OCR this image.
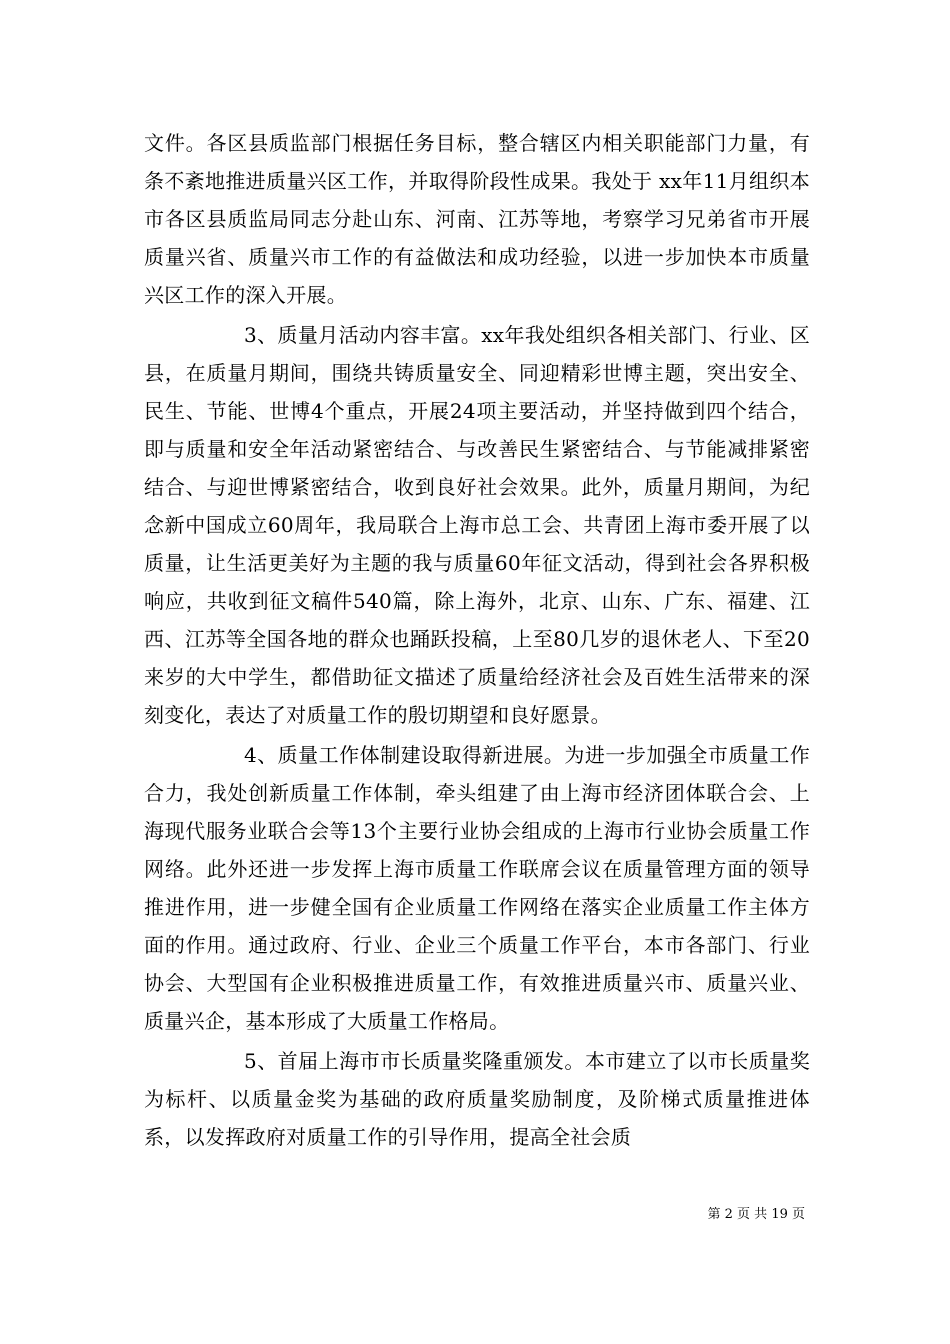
文件。各区县质监部门根据任务目标，整合辖区内相关职能部门力量，有条不紊地推进质量兴区工作，并取得阶段性成果。我处于 xx年11月组织本市各区县质监局同志分赴山东、河南、江苏等地，考察学习兄弟省市开展质量兴省、质量兴市工作的有益做法和成功经验，以进一步加快本市质量兴区工作的深入开展。

3、质量月活动内容丰富。xx年我处组织各相关部门、行业、区县，在质量月期间，围绕共铸质量安全、同迎精彩世博主题，突出安全、民生、节能、世博4个重点，开展24项主要活动，并坚持做到四个结合，即与质量和安全年活动紧密结合、与改善民生紧密结合、与节能减排紧密结合、与迎世博紧密结合，收到良好社会效果。此外，质量月期间，为纪念新中国成立60周年，我局联合上海市总工会、共青团上海市委开展了以质量，让生活更美好为主题的我与质量60年征文活动，得到社会各界积极响应，共收到征文稿件540篇，除上海外，北京、山东、广东、福建、江西、江苏等全国各地的群众也踊跃投稿，上至80几岁的退休老人、下至20来岁的大中学生，都借助征文描述了质量给经济社会及百姓生活带来的深刻变化，表达了对质量工作的殷切期望和良好愿景。

4、质量工作体制建设取得新进展。为进一步加强全市质量工作合力，我处创新质量工作体制，牵头组建了由上海市经济团体联合会、上海现代服务业联合会等13个主要行业协会组成的上海市行业协会质量工作网络。此外还进一步发挥上海市质量工作联席会议在质量管理方面的领导推进作用，进一步健全国有企业质量工作网络在落实企业质量工作主体方面的作用。通过政府、行业、企业三个质量工作平台，本市各部门、行业协会、大型国有企业积极推进质量工作，有效推进质量兴市、质量兴业、质量兴企，基本形成了大质量工作格局。

5、首届上海市市长质量奖隆重颁发。本市建立了以市长质量奖为标杆、以质量金奖为基础的政府质量奖励制度，及阶梯式质量推进体系，以发挥政府对质量工作的引导作用，提高全社会质

第 2 页 共 19 页
